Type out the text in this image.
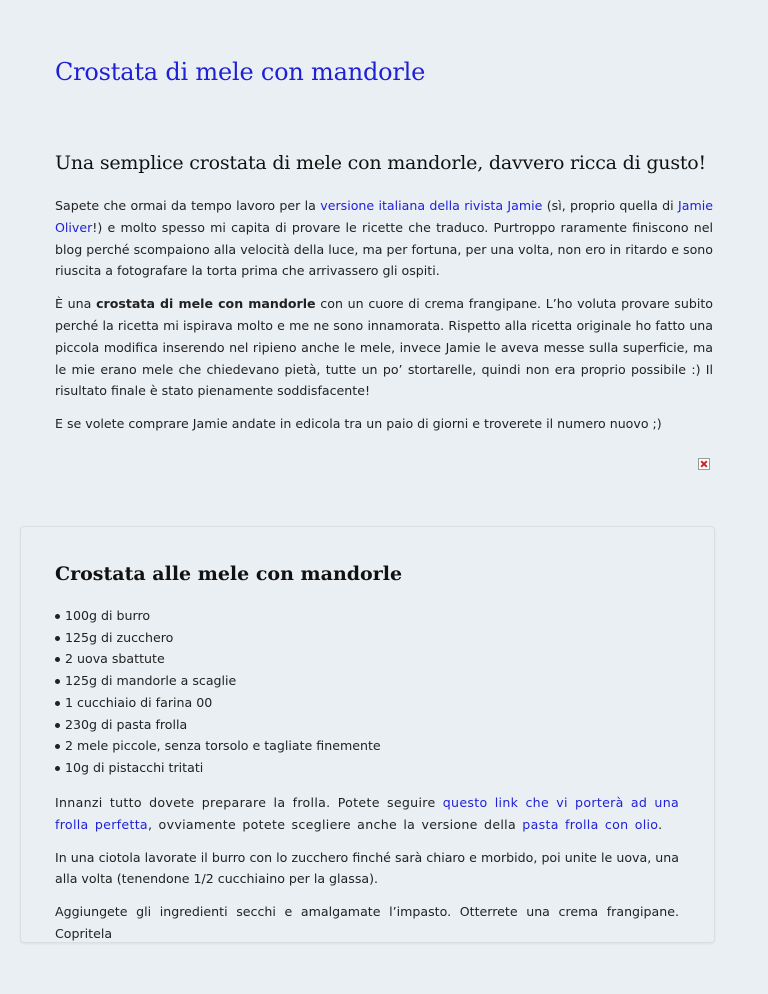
Crostata di mele con mandorle
Una semplice crostata di mele con mandorle, davvero ricca di gusto!

Sapete che ormai da tempo lavoro per la versione italiana della rivista Jamie (sì, proprio quella di Jamie Oliver!) e molto spesso mi capita di provare le ricette che traduco. Purtroppo raramente finiscono nel blog perché scompaiono alla velocità della luce, ma per fortuna, per una volta, non ero in ritardo e sono riuscita a fotografare la torta prima che arrivassero gli ospiti.

È una crostata di mele con mandorle con un cuore di crema frangipane. L’ho voluta provare subito perché la ricetta mi ispirava molto e me ne sono innamorata. Rispetto alla ricetta originale ho fatto una piccola modifica inserendo nel ripieno anche le mele, invece Jamie le aveva messe sulla superficie, ma le mie erano mele che chiedevano pietà, tutte un po’ stortarelle, quindi non era proprio possibile :) Il risultato finale è stato pienamente soddisfacente!

E se volete comprare Jamie andate in edicola tra un paio di giorni e troverete il numero nuovo ;)

Crostata alle mele con mandorle
100g di burro
125g di zucchero
2 uova sbattute
125g di mandorle a scaglie
1 cucchiaio di farina 00
230g di pasta frolla
2 mele piccole, senza torsolo e tagliate finemente
10g di pistacchi tritati

Innanzi tutto dovete preparare la frolla. Potete seguire questo link che vi porterà ad una frolla perfetta, ovviamente potete scegliere anche la versione della pasta frolla con olio.

In una ciotola lavorate il burro con lo zucchero finché sarà chiaro e morbido, poi unite le uova, una alla volta (tenendone 1/2 cucchiaino per la glassa).

Aggiungete gli ingredienti secchi e amalgamate l’impasto. Otterrete una crema frangipane. Copritela
